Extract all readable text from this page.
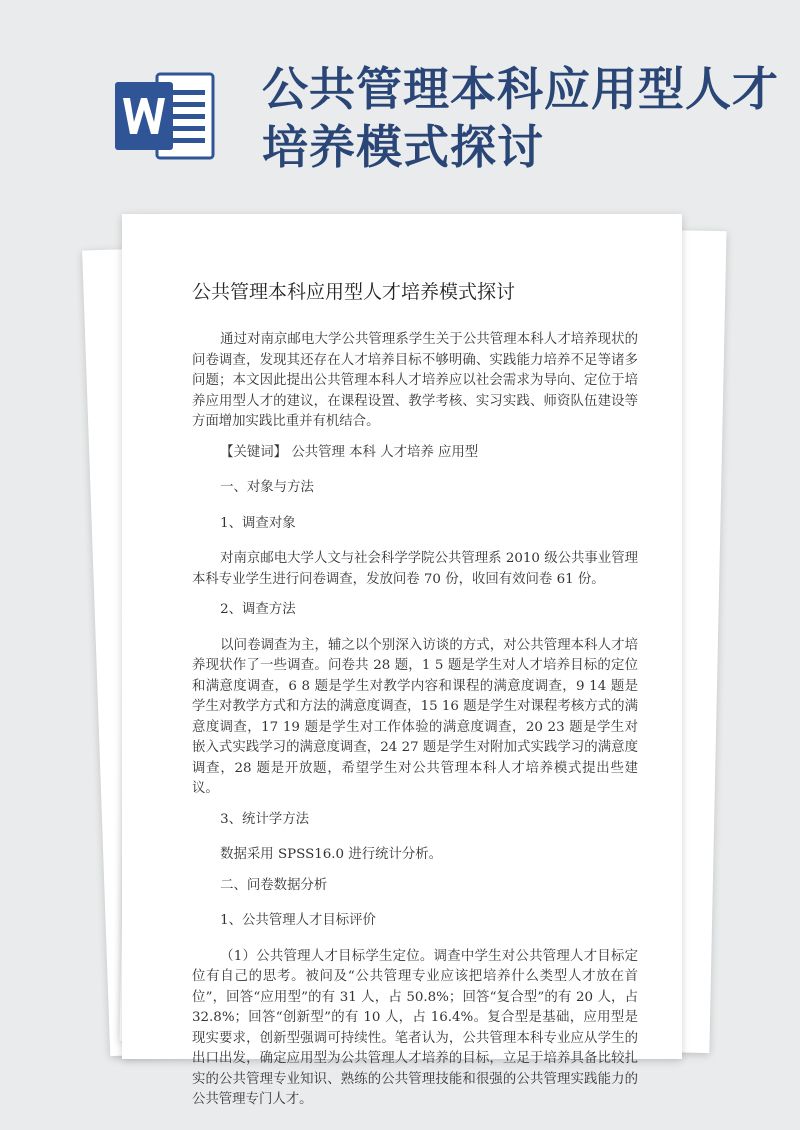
公共管理本科应用型人才培养模式探讨
公共管理本科应用型人才培养模式探讨

通过对南京邮电大学公共管理系学生关于公共管理本科人才培养现状的问卷调查，发现其还存在人才培养目标不够明确、实践能力培养不足等诸多问题；本文因此提出公共管理本科人才培养应以社会需求为导向、定位于培养应用型人才的建议，在课程设置、教学考核、实习实践、师资队伍建设等方面增加实践比重并有机结合。

【关键词】 公共管理 本科 人才培养 应用型

一、对象与方法

1、调查对象

对南京邮电大学人文与社会科学学院公共管理系 2010 级公共事业管理本科专业学生进行问卷调查，发放问卷 70 份，收回有效问卷 61 份。

2、调查方法

以问卷调查为主，辅之以个别深入访谈的方式，对公共管理本科人才培养现状作了一些调查。问卷共 28 题，1 5 题是学生对人才培养目标的定位和满意度调查，6 8 题是学生对教学内容和课程的满意度调查，9 14 题是学生对教学方式和方法的满意度调查，15 16 题是学生对课程考核方式的满意度调查，17 19 题是学生对工作体验的满意度调查，20 23 题是学生对嵌入式实践学习的满意度调查，24 27 题是学生对附加式实践学习的满意度调查，28 题是开放题，希望学生对公共管理本科人才培养模式提出些建议。

3、统计学方法

数据采用 SPSS16.0 进行统计分析。

二、问卷数据分析

1、公共管理人才目标评价

（1）公共管理人才目标学生定位。调查中学生对公共管理人才目标定位有自己的思考。被问及“公共管理专业应该把培养什么类型人才放在首位”，回答“应用型”的有 31 人，占 50.8%；回答“复合型”的有 20 人，占 32.8%；回答“创新型”的有 10 人，占 16.4%。复合型是基础，应用型是现实要求，创新型强调可持续性。笔者认为，公共管理本科专业应从学生的出口出发，确定应用型为公共管理人才培养的目标，立足于培养具备比较扎实的公共管理专业知识、熟练的公共管理技能和很强的公共管理实践能力的公共管理专门人才。
